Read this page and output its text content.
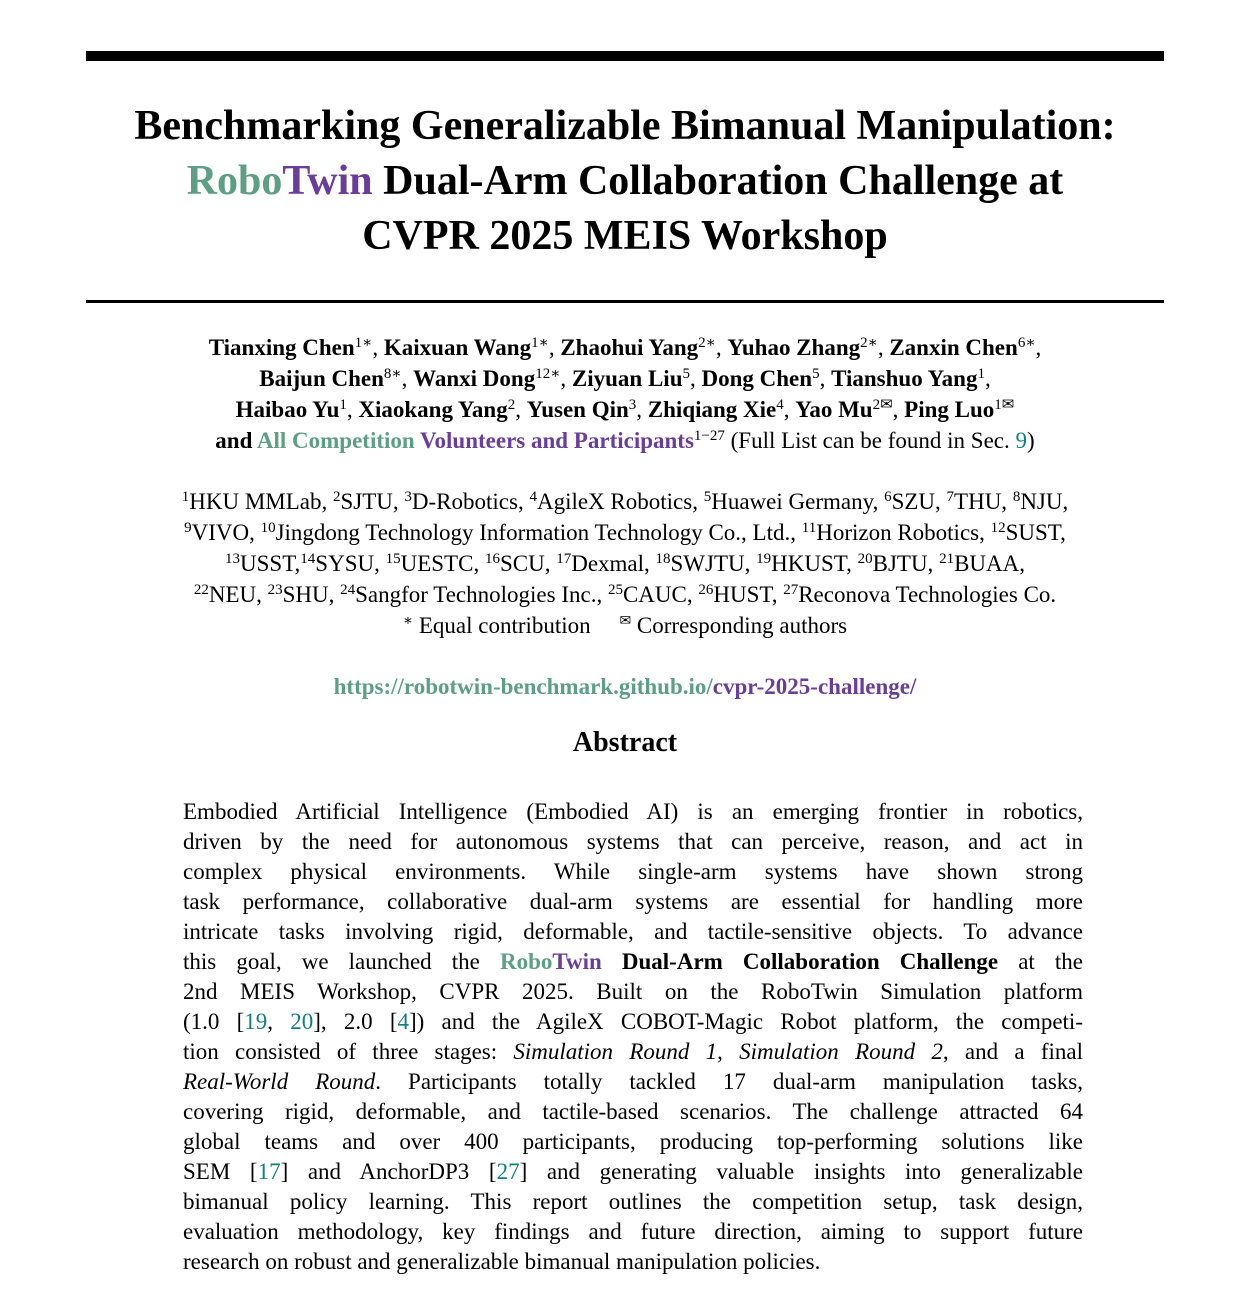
Benchmarking Generalizable Bimanual Manipulation:
RoboTwin Dual-Arm Collaboration Challenge at
CVPR 2025 MEIS Workshop
Tianxing Chen$^{1∗}$, Kaixuan Wang$^{1∗}$, Zhaohui Yang$^{2∗}$, Yuhao Zhang$^{2∗}$, Zanxin Chen$^{6∗}$,
Baijun Chen$^{8∗}$, Wanxi Dong$^{12∗}$, Ziyuan Liu$^5$, Dong Chen$^5$, Tianshuo Yang$^1$,
Haibao Yu$^1$, Xiaokang Yang$^2$, Yusen Qin$^3$, Zhiqiang Xie$^4$, Yao $Mu^{2✉}$, Ping Luo$^{1✉}$
and All Competition Volunteers and Participants$^{1-27}$ (Full List can be found in Sec. 9)
$^1$HKU MMLab, $^2$SJTU, $^3$D-Robotics, $^4$AgileX Robotics, $^5$Huawei Germany, $^6$SZU, $^7$THU, $^8$NJU,
$^9$VIVO, $^{10}$Jingdong Technology Information Technology Co., Ltd., $^{11}$Horizon Robotics, $^{12}$SUST,
$^{13}$USST,$^{14}$SYSU, $^{15}$UESTC, $^{16}$SCU, $^{17}$Dexmal, $^{18}$SWJTU, $^{19}$HKUST, $^{20}$BJTU, $^{21}$BUAA,
$^{22}$NEU, $^{23}$SHU, $^{24}$Sangfor Technologies Inc., $^{25}$CAUC, $^{26}$HUST, $^{27}$Reconova Technologies Co.
∗ Equal contribution ✉ Corresponding authors
https://robotwin-benchmark.github.io/cvpr-2025-challenge/
Abstract
Embodied Artificial Intelligence (Embodied AI) is an emerging frontier in robotics,
driven by the need for autonomous systems that can perceive, reason, and act in
complex physical environments. While single-arm systems have shown strong
task performance, collaborative dual-arm systems are essential for handling more
intricate tasks involving rigid, deformable, and tactile-sensitive objects. To advance
this goal, we launched the RoboTwin Dual-Arm Collaboration Challenge at the
2nd MEIS Workshop, CVPR 2025. Built on the RoboTwin Simulation platform
(1.0 [19, 20], 2.0 [4]) and the AgileX COBOT-Magic Robot platform, the competi-
tion consisted of three stages: Simulation Round 1, Simulation Round 2, and a final
Real-World Round. Participants totally tackled 17 dual-arm manipulation tasks,
covering rigid, deformable, and tactile-based scenarios. The challenge attracted 64
global teams and over 400 participants, producing top-performing solutions like
SEM [17] and AnchorDP3 [27] and generating valuable insights into generalizable
bimanual policy learning. This report outlines the competition setup, task design,
evaluation methodology, key findings and future direction, aiming to support future
research on robust and generalizable bimanual manipulation policies.
